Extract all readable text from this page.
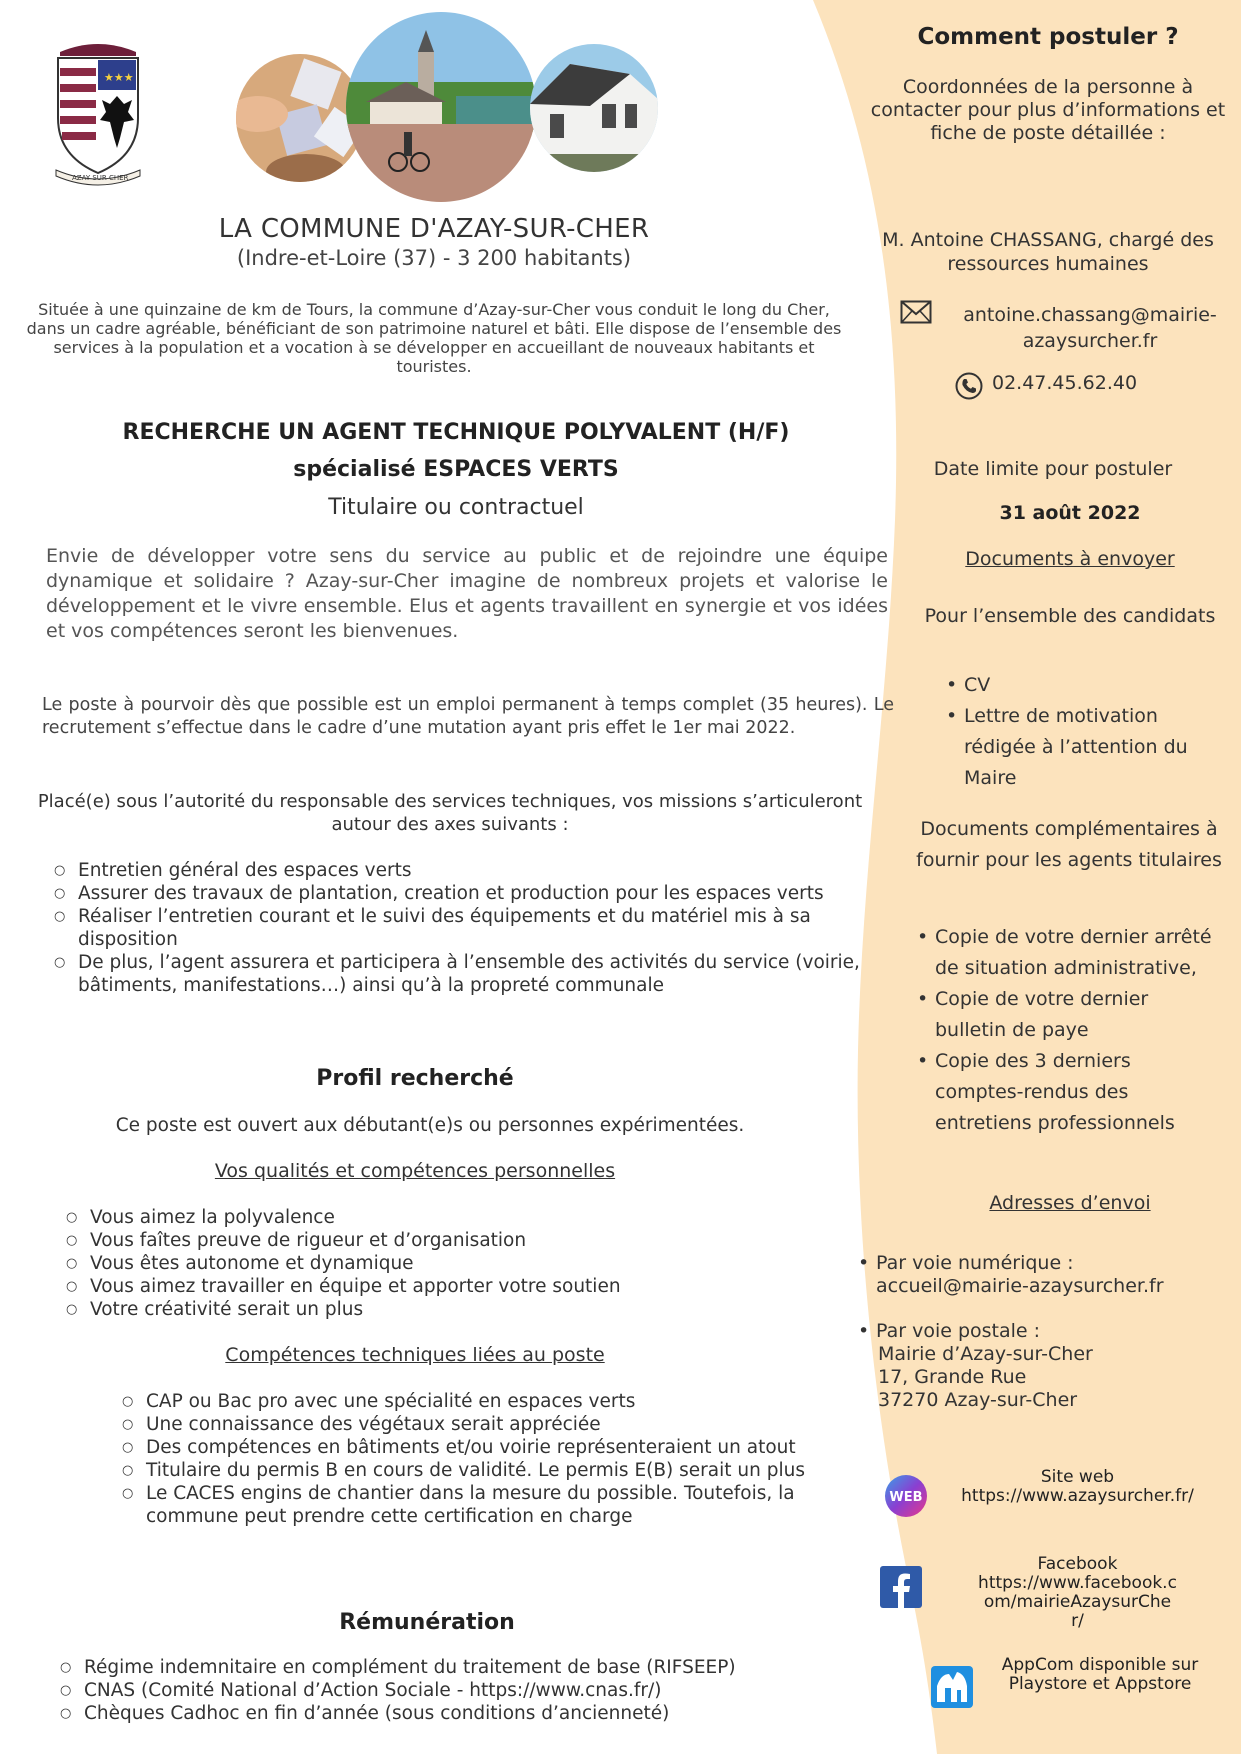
★★★
AZAY SUR CHER
LA COMMUNE D'AZAY-SUR-CHER
(Indre-et-Loire (37) - 3 200 habitants)
Située à une quinzaine de km de Tours, la commune d’Azay-sur-Cher vous conduit le long du Cher, dans un cadre agréable, bénéficiant de son patrimoine naturel et bâti. Elle dispose de l’ensemble des services à la population et a vocation à se développer en accueillant de nouveaux habitants et touristes.
RECHERCHE UN AGENT TECHNIQUE POLYVALENT (H/F)
spécialisé ESPACES VERTS
Titulaire ou contractuel
Envie de développer votre sens du service au public et de rejoindre une équipe dynamique et solidaire ? Azay-sur-Cher imagine de nombreux projets et valorise le développement et le vivre ensemble. Elus et agents travaillent en synergie et vos idées et vos compétences seront les bienvenues.
Le poste à pourvoir dès que possible est un emploi permanent à temps complet (35 heures). Le recrutement s’effectue dans le cadre d’une mutation ayant pris effet le 1er mai 2022.
Placé(e) sous l’autorité du responsable des services techniques, vos missions s’articuleront autour des axes suivants :
○ Entretien général des espaces verts
○ Assurer des travaux de plantation, creation et production pour les espaces verts
○ Réaliser l’entretien courant et le suivi des équipements et du matériel mis à sa disposition
○ De plus, l’agent assurera et participera à l’ensemble des activités du service (voirie, bâtiments, manifestations…) ainsi qu’à la propreté communale
Profil recherché
Ce poste est ouvert aux débutant(e)s ou personnes expérimentées.
Vos qualités et compétences personnelles
○ Vous aimez la polyvalence
○ Vous faîtes preuve de rigueur et d’organisation
○ Vous êtes autonome et dynamique
○ Vous aimez travailler en équipe et apporter votre soutien
○ Votre créativité serait un plus
Compétences techniques liées au poste
○ CAP ou Bac pro avec une spécialité en espaces verts
○ Une connaissance des végétaux serait appréciée
○ Des compétences en bâtiments et/ou voirie représenteraient un atout
○ Titulaire du permis B en cours de validité. Le permis E(B) serait un plus
○ Le CACES engins de chantier dans la mesure du possible. Toutefois, la commune peut prendre cette certification en charge
Rémunération
○ Régime indemnitaire en complément du traitement de base (RIFSEEP)
○ CNAS (Comité National d’Action Sociale - https://www.cnas.fr/)
○ Chèques Cadhoc en fin d’année (sous conditions d’ancienneté)
Comment postuler ?
Coordonnées de la personne à contacter pour plus d’informations et fiche de poste détaillée :
M. Antoine CHASSANG, chargé des ressources humaines
antoine.chassang@mairie-azaysurcher.fr
02.47.45.62.40
Date limite pour postuler
31 août 2022
Documents à envoyer
Pour l’ensemble des candidats
• CV
• Lettre de motivation rédigée à l’attention du Maire
Documents complémentaires à fournir pour les agents titulaires
• Copie de votre dernier arrêté de situation administrative,
• Copie de votre dernier bulletin de paye
• Copie des 3 derniers comptes-rendus des entretiens professionnels
Adresses d’envoi
• Par voie numérique :
accueil@mairie-azaysurcher.fr
• Par voie postale :
Mairie d’Azay-sur-Cher
17, Grande Rue
37270 Azay-sur-Cher
WEB
Site web
https://www.azaysurcher.fr/
Facebook
https://www.facebook.com/mairieAzaysurCher/
AppCom disponible sur Playstore et Appstore
